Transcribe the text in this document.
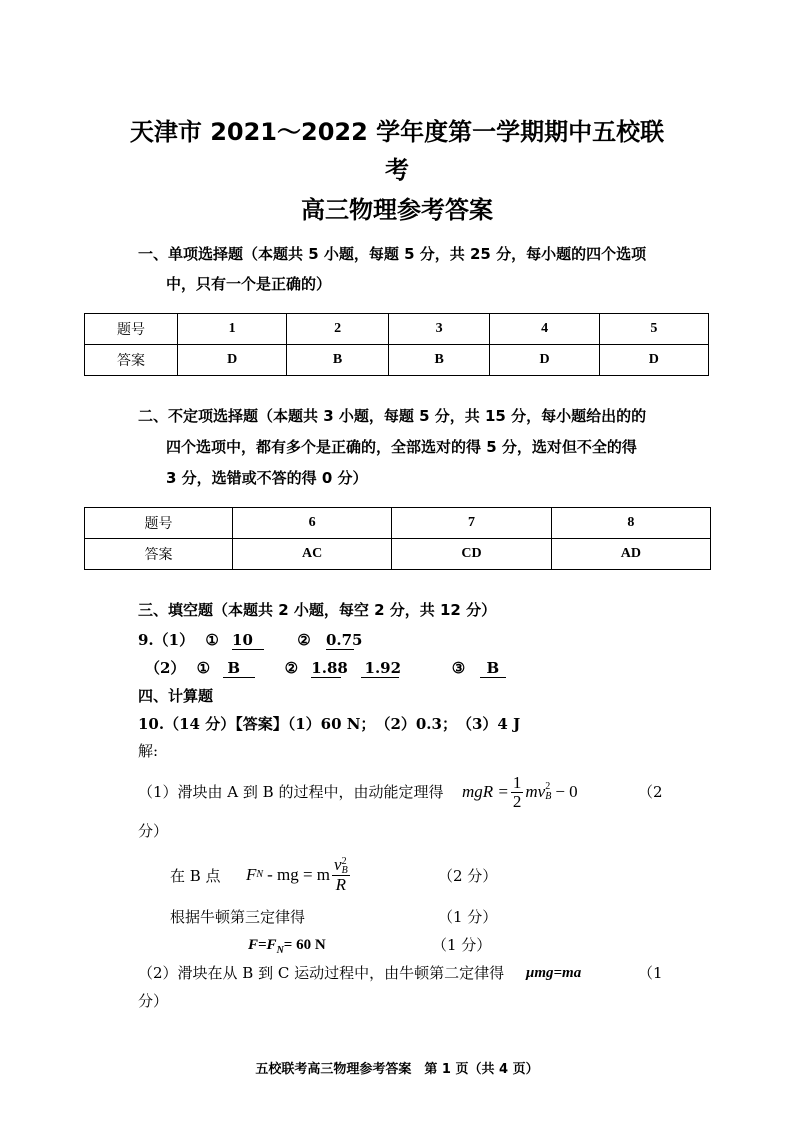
天津市 2021～2022 学年度第一学期期中五校联
考
高三物理参考答案
一、单项选择题（本题共 5 小题，每题 5 分，共 25 分，每小题的四个选项
中，只有一个是正确的）
题号	1	2	3	4	5
答案	D	B	B	D	D
二、不定项选择题（本题共 3 小题，每题 5 分，共 15 分，每小题给出的的
四个选项中，都有多个是正确的，全部选对的得 5 分，选对但不全的得
3 分，选错或不答的得 0 分）
题号	6	7	8
答案	AC	CD	AD
三、填空题（本题共 2 小题，每空 2 分，共 12 分）
9.（1） ① 10	② 0.75
（2） ① B	② 1.88 1.92	③ B
四、计算题
10.（14 分）【答案】（1）60 N；　（2）0.3；　（3）4 J
解:
（1）滑块由 A 到 B 的过程中，由动能定理得 mgR = $\frac{1}{2}$ mv 2
B − 0	（2
分）
在 B 点 F N - mg = m v 2
B
R	（2 分）
根据牛顿第三定律得	（1 分）
$F=F_N= 60$ N	（1 分）
（2）滑块在从 B 到 C 运动过程中，由牛顿第二定律得 μmg=ma	（1
分）
五校联考高三物理参考答案　第 1 页（共 4 页）
